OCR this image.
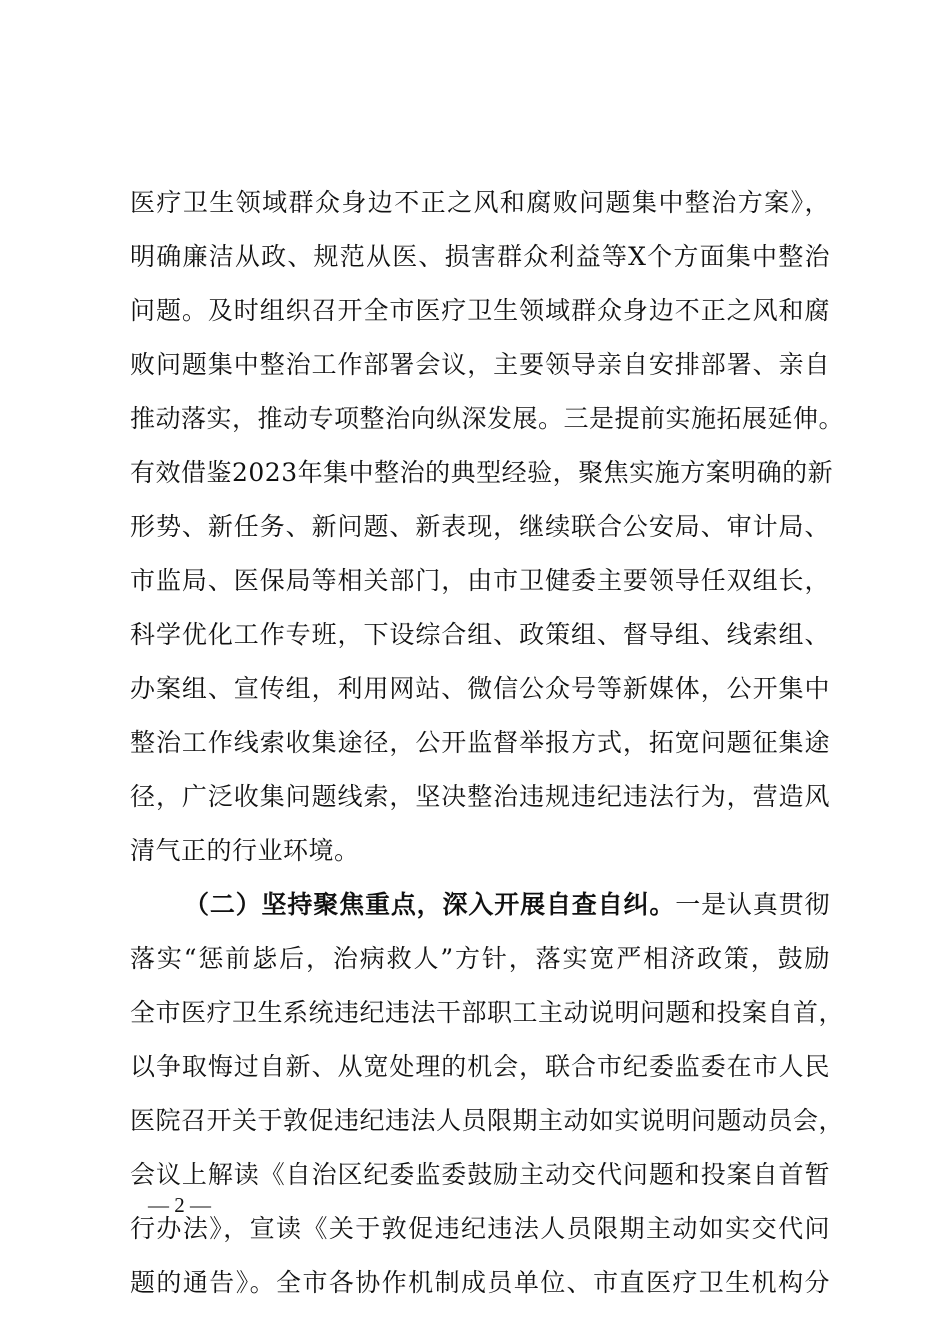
医疗卫生领域群众身边不正之风和腐败问题集中整治方案》，
明确廉洁从政、规范从医、损害群众利益等X个方面集中整治
问题。及时组织召开全市医疗卫生领域群众身边不正之风和腐
败问题集中整治工作部署会议，主要领导亲自安排部署、亲自
推动落实，推动专项整治向纵深发展。三是提前实施拓展延伸。
有效借鉴2023年集中整治的典型经验，聚焦实施方案明确的新
形势、新任务、新问题、新表现，继续联合公安局、审计局、
市监局、医保局等相关部门，由市卫健委主要领导任双组长，
科学优化工作专班，下设综合组、政策组、督导组、线索组、
办案组、宣传组，利用网站、微信公众号等新媒体，公开集中
整治工作线索收集途径，公开监督举报方式，拓宽问题征集途
径，广泛收集问题线索，坚决整治违规违纪违法行为，营造风
清气正的行业环境。
（二）坚持聚焦重点，深入开展自查自纠。一是认真贯彻
落实“惩前毖后，治病救人”方针，落实宽严相济政策，鼓励
全市医疗卫生系统违纪违法干部职工主动说明问题和投案自首，
以争取悔过自新、从宽处理的机会，联合市纪委监委在市人民
医院召开关于敦促违纪违法人员限期主动如实说明问题动员会，
会议上解读《自治区纪委监委鼓励主动交代问题和投案自首暂
行办法》，宣读《关于敦促违纪违法人员限期主动如实交代问
题的通告》。全市各协作机制成员单位、市直医疗卫生机构分
— 2 —
